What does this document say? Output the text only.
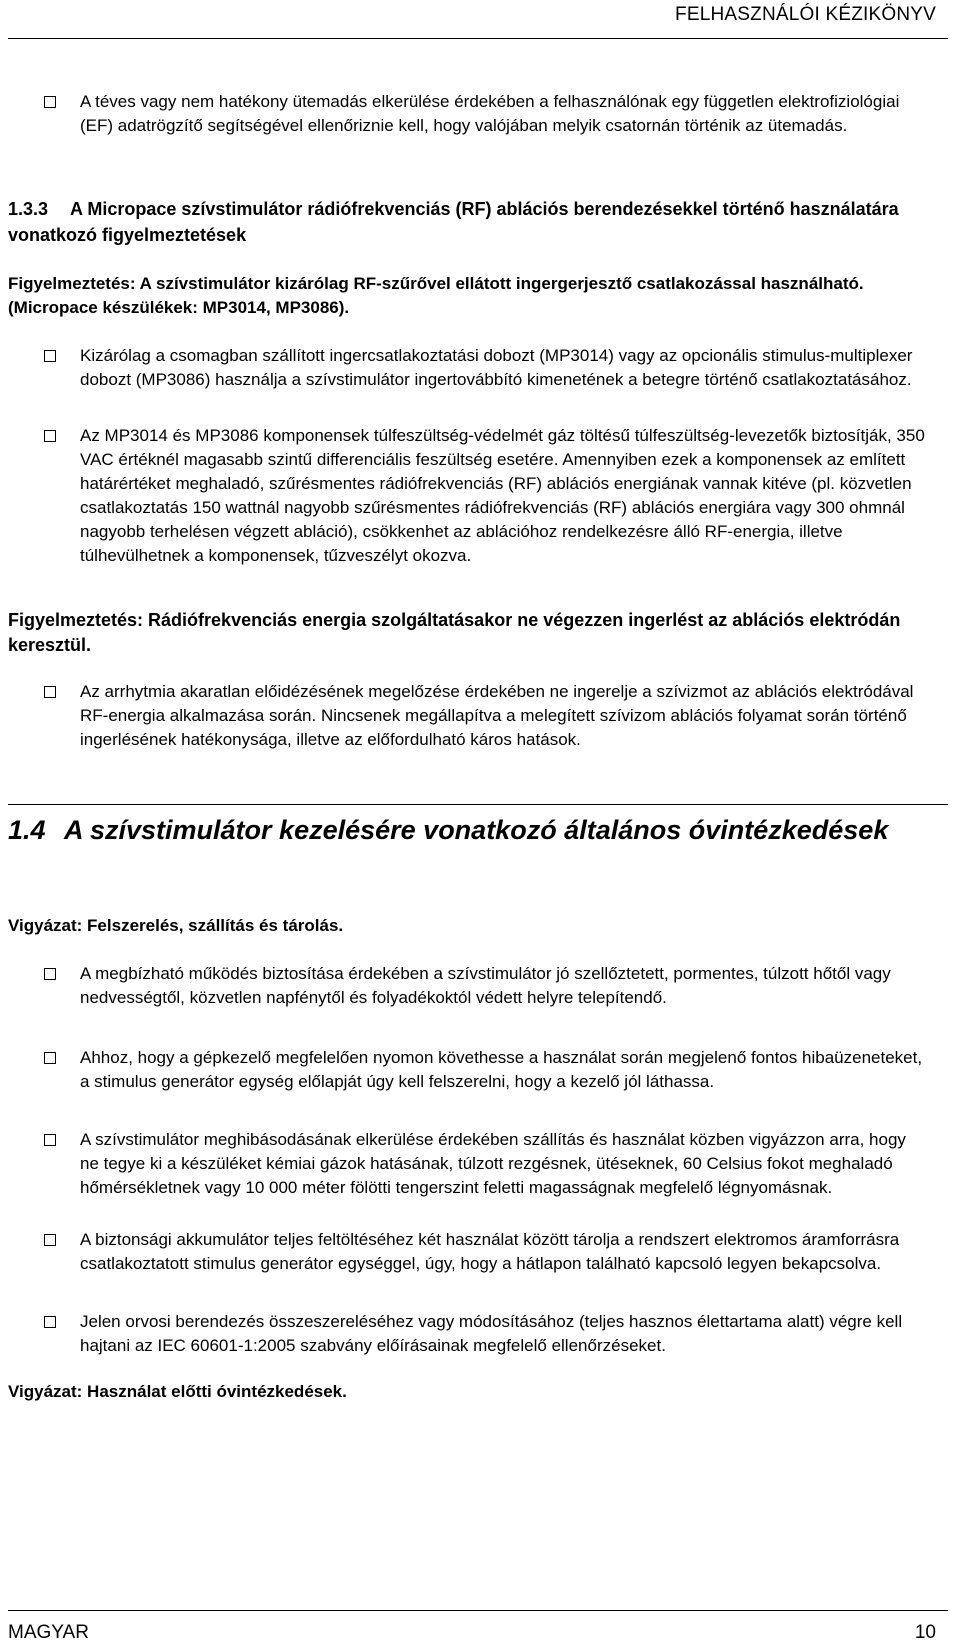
FELHASZNÁLÓI KÉZIKÖNYV
A téves vagy nem hatékony ütemadás elkerülése érdekében a felhasználónak egy független elektrofiziológiai (EF) adatrögzítő segítségével ellenőriznie kell, hogy valójában melyik csatornán történik az ütemadás.
1.3.3 A Micropace szívstimulátor rádiófrekvenciás (RF) ablációs berendezésekkel történő használatára vonatkozó figyelmeztetések
Figyelmeztetés: A szívstimulátor kizárólag RF-szűrővel ellátott ingergerjesztő csatlakozással használható. (Micropace készülékek: MP3014, MP3086).
Kizárólag a csomagban szállított ingercsatlakoztatási dobozt (MP3014) vagy az opcionális stimulus-multiplexer dobozt (MP3086) használja a szívstimulátor ingertovábbító kimenetének a betegre történő csatlakoztatásához.
Az MP3014 és MP3086 komponensek túlfeszültség-védelmét gáz töltésű túlfeszültség-levezetők biztosítják, 350 VAC értéknél magasabb szintű differenciális feszültség esetére. Amennyiben ezek a komponensek az említett határértéket meghaladó, szűrésmentes rádiófrekvenciás (RF) ablációs energiának vannak kitéve (pl. közvetlen csatlakoztatás 150 wattnál nagyobb szűrésmentes rádiófrekvenciás (RF) ablációs energiára vagy 300 ohmnál nagyobb terhelésen végzett abláció), csökkenhet az ablációhoz rendelkezésre álló RF-energia, illetve túlhevülhetnek a komponensek, tűzveszélyt okozva.
Figyelmeztetés: Rádiófrekvenciás energia szolgáltatásakor ne végezzen ingerlést az ablációs elektródán keresztül.
Az arrhytmia akaratlan előidézésének megelőzése érdekében ne ingerelje a szívizmot az ablációs elektródával RF-energia alkalmazása során. Nincsenek megállapítva a melegített szívizom ablációs folyamat során történő ingerlésének hatékonysága, illetve az előfordulható káros hatások.
1.4 A szívstimulátor kezelésére vonatkozó általános óvintézkedések
Vigyázat: Felszerelés, szállítás és tárolás.
A megbízható működés biztosítása érdekében a szívstimulátor jó szellőztetett, pormentes, túlzott hőtől vagy nedvességtől, közvetlen napfénytől és folyadékoktól védett helyre telepítendő.
Ahhoz, hogy a gépkezelő megfelelően nyomon követhesse a használat során megjelenő fontos hibaüzeneteket, a stimulus generátor egység előlapját úgy kell felszerelni, hogy a kezelő jól láthassa.
A szívstimulátor meghibásodásának elkerülése érdekében szállítás és használat közben vigyázzon arra, hogy ne tegye ki a készüléket kémiai gázok hatásának, túlzott rezgésnek, ütéseknek, 60 Celsius fokot meghaladó hőmérsékletnek vagy 10 000 méter fölötti tengerszint feletti magasságnak megfelelő légnyomásnak.
A biztonsági akkumulátor teljes feltöltéséhez két használat között tárolja a rendszert elektromos áramforrásra csatlakoztatott stimulus generátor egységgel, úgy, hogy a hátlapon található kapcsoló legyen bekapcsolva.
Jelen orvosi berendezés összeszereléséhez vagy módosításához (teljes hasznos élettartama alatt) végre kell hajtani az IEC 60601-1:2005 szabvány előírásainak megfelelő ellenőrzéseket.
Vigyázat: Használat előtti óvintézkedések.
MAGYAR	10
